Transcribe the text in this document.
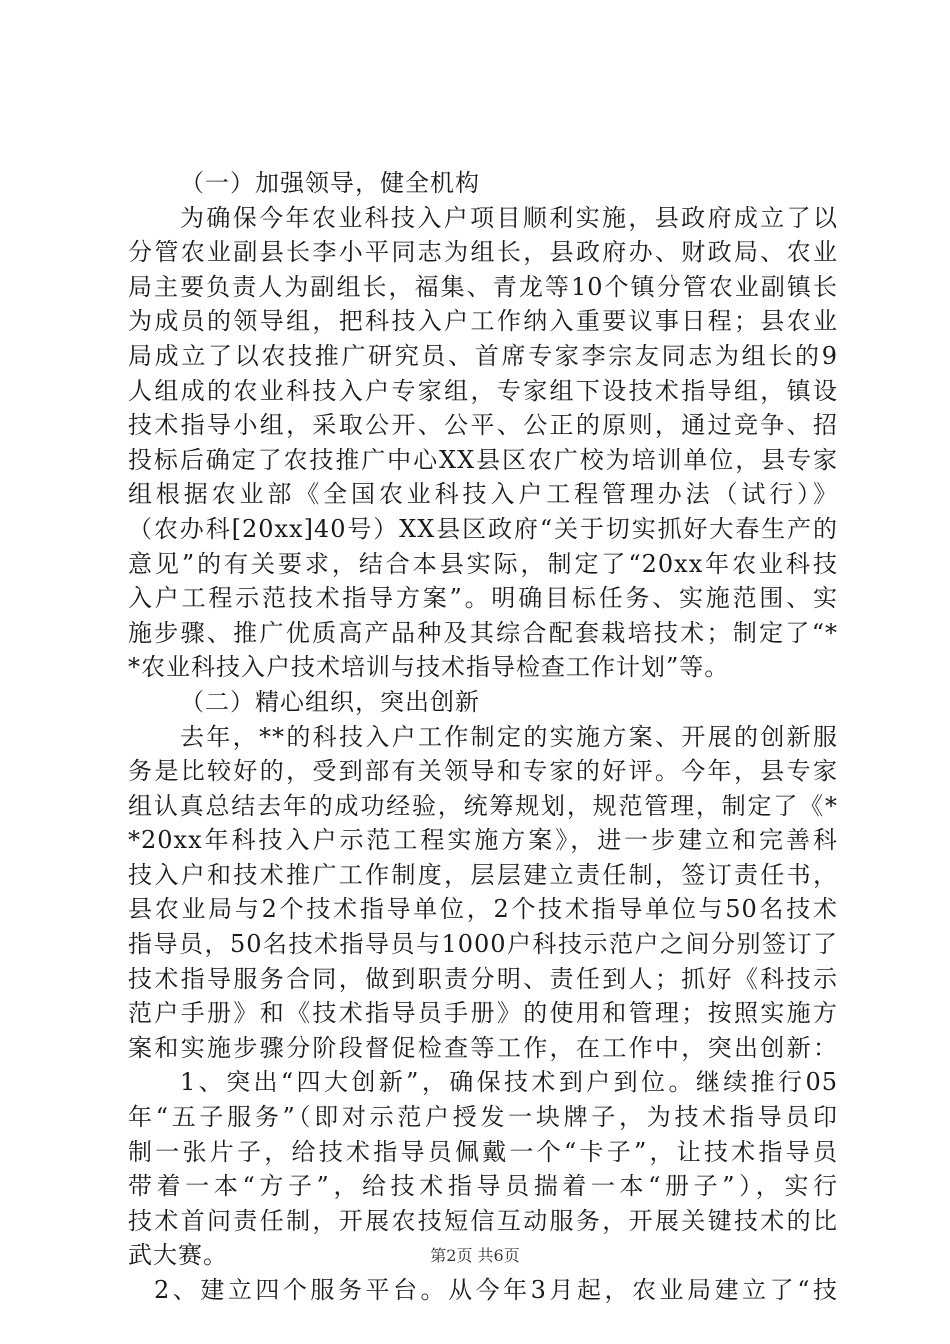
（一）加强领导，健全机构
为确保今年农业科技入户项目顺利实施，县政府成立了以
分管农业副县长李小平同志为组长，县政府办、财政局、农业
局主要负责人为副组长，福集、青龙等10个镇分管农业副镇长
为成员的领导组，把科技入户工作纳入重要议事日程；县农业
局成立了以农技推广研究员、首席专家李宗友同志为组长的9
人组成的农业科技入户专家组，专家组下设技术指导组，镇设
技术指导小组，采取公开、公平、公正的原则，通过竞争、招
投标后确定了农技推广中心XX县区农广校为培训单位，县专家
组根据农业部《全国农业科技入户工程管理办法（试行）》
（农办科[20xx]40号）XX县区政府“关于切实抓好大春生产的
意见”的有关要求，结合本县实际，制定了“20xx年农业科技
入户工程示范技术指导方案”。明确目标任务、实施范围、实
施步骤、推广优质高产品种及其综合配套栽培技术；制定了“*
*农业科技入户技术培训与技术指导检查工作计划”等。
（二）精心组织，突出创新
去年，**的科技入户工作制定的实施方案、开展的创新服
务是比较好的，受到部有关领导和专家的好评。今年，县专家
组认真总结去年的成功经验，统筹规划，规范管理，制定了《*
*20xx年科技入户示范工程实施方案》，进一步建立和完善科
技入户和技术推广工作制度，层层建立责任制，签订责任书，
县农业局与2个技术指导单位，2个技术指导单位与50名技术
指导员，50名技术指导员与1000户科技示范户之间分别签订了
技术指导服务合同，做到职责分明、责任到人；抓好《科技示
范户手册》和《技术指导员手册》的使用和管理；按照实施方
案和实施步骤分阶段督促检查等工作，在工作中，突出创新：
1、突出“四大创新”，确保技术到户到位。继续推行05
年“五子服务”（即对示范户授发一块牌子，为技术指导员印
制一张片子，给技术指导员佩戴一个“卡子”，让技术指导员
带着一本“方子”，给技术指导员揣着一本“册子”），实行
技术首问责任制，开展农技短信互动服务，开展关键技术的比
武大赛。
2、建立四个服务平台。从今年3月起，农业局建立了“技
第2页 共6页
